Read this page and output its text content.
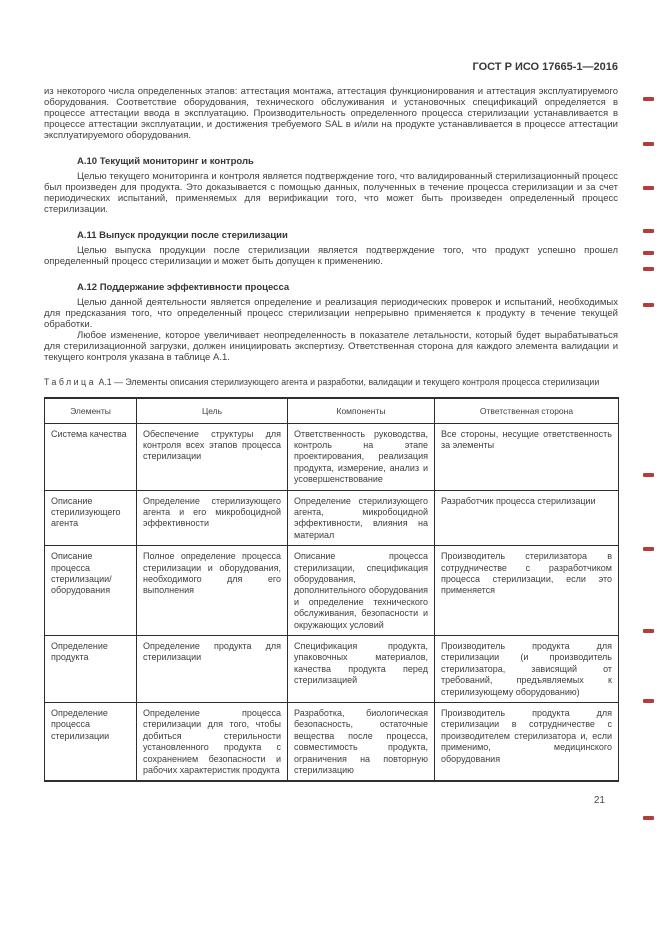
ГОСТ Р ИСО 17665-1—2016

из некоторого числа определенных этапов: аттестация монтажа, аттестация функционирования и аттестация эксплуатируемого оборудования. Соответствие оборудования, технического обслуживания и установочных спецификаций определяется в процессе аттестации ввода в эксплуатацию. Производительность определенного процесса стерилизации устанавливается в процессе аттестации эксплуатации, и достижения требуемого SAL в и/или на продукте устанавливается в процессе аттестации эксплуатируемого оборудования.

А.10 Текущий мониторинг и контроль

Целью текущего мониторинга и контроля является подтверждение того, что валидированный стерилизационный процесс был произведен для продукта. Это доказывается с помощью данных, полученных в течение процесса стерилизации и за счет периодических испытаний, применяемых для верификации того, что может быть произведен определенный процесс стерилизации.

А.11 Выпуск продукции после стерилизации

Целью выпуска продукции после стерилизации является подтверждение того, что продукт успешно прошел определенный процесс стерилизации и может быть допущен к применению.

А.12 Поддержание эффективности процесса

Целью данной деятельности является определение и реализация периодических проверок и испытаний, необходимых для предсказания того, что определенный процесс стерилизации непрерывно применяется к продукту в течение текущей обработки.

Любое изменение, которое увеличивает неопределенность в показателе летальности, который будет вырабатываться для стерилизационной загрузки, должен инициировать экспертизу. Ответственная сторона для каждого элемента валидации и текущего контроля указана в таблице А.1.

Таблица А.1 — Элементы описания стерилизующего агента и разработки, валидации и текущего контроля процесса стерилизации

Элементы	Цель	Компоненты	Ответственная сторона
Система качества	Обеспечение структуры для контроля всех этапов процесса стерилизации	Ответственность руководства, контроль на этапе проектирования, реализация продукта, измерение, анализ и усовершенствование	Все стороны, несущие ответственность за элементы
Описание стерилизующего агента	Определение стерилизующего агента и его микробоцидной эффективности	Определение стерилизующего агента, микробоцидной эффективности, влияния на материал	Разработчик процесса стерилизации
Описание процесса стерилизации/ оборудования	Полное определение процесса стерилизации и оборудования, необходимого для его выполнения	Описание процесса стерилизации, спецификация оборудования, дополнительного оборудования и определение технического обслуживания, безопасности и окружающих условий	Производитель стерилизатора в сотрудничестве с разработчиком процесса стерилизации, если это применяется
Определение продукта	Определение продукта для стерилизации	Спецификация продукта, упаковочных материалов, качества продукта перед стерилизацией	Производитель продукта для стерилизации (и производитель стерилизатора, зависящий от требований, предъявляемых к стерилизующему оборудованию)
Определение процесса стерилизации	Определение процесса стерилизации для того, чтобы добиться стерильности установленного продукта с сохранением безопасности и рабочих характеристик продукта	Разработка, биологическая безопасность, остаточные вещества после процесса, совместимость продукта, ограничения на повторную стерилизацию	Производитель продукта для стерилизации в сотрудничестве с производителем стерилизатора и, если применимо, медицинского оборудования
21
